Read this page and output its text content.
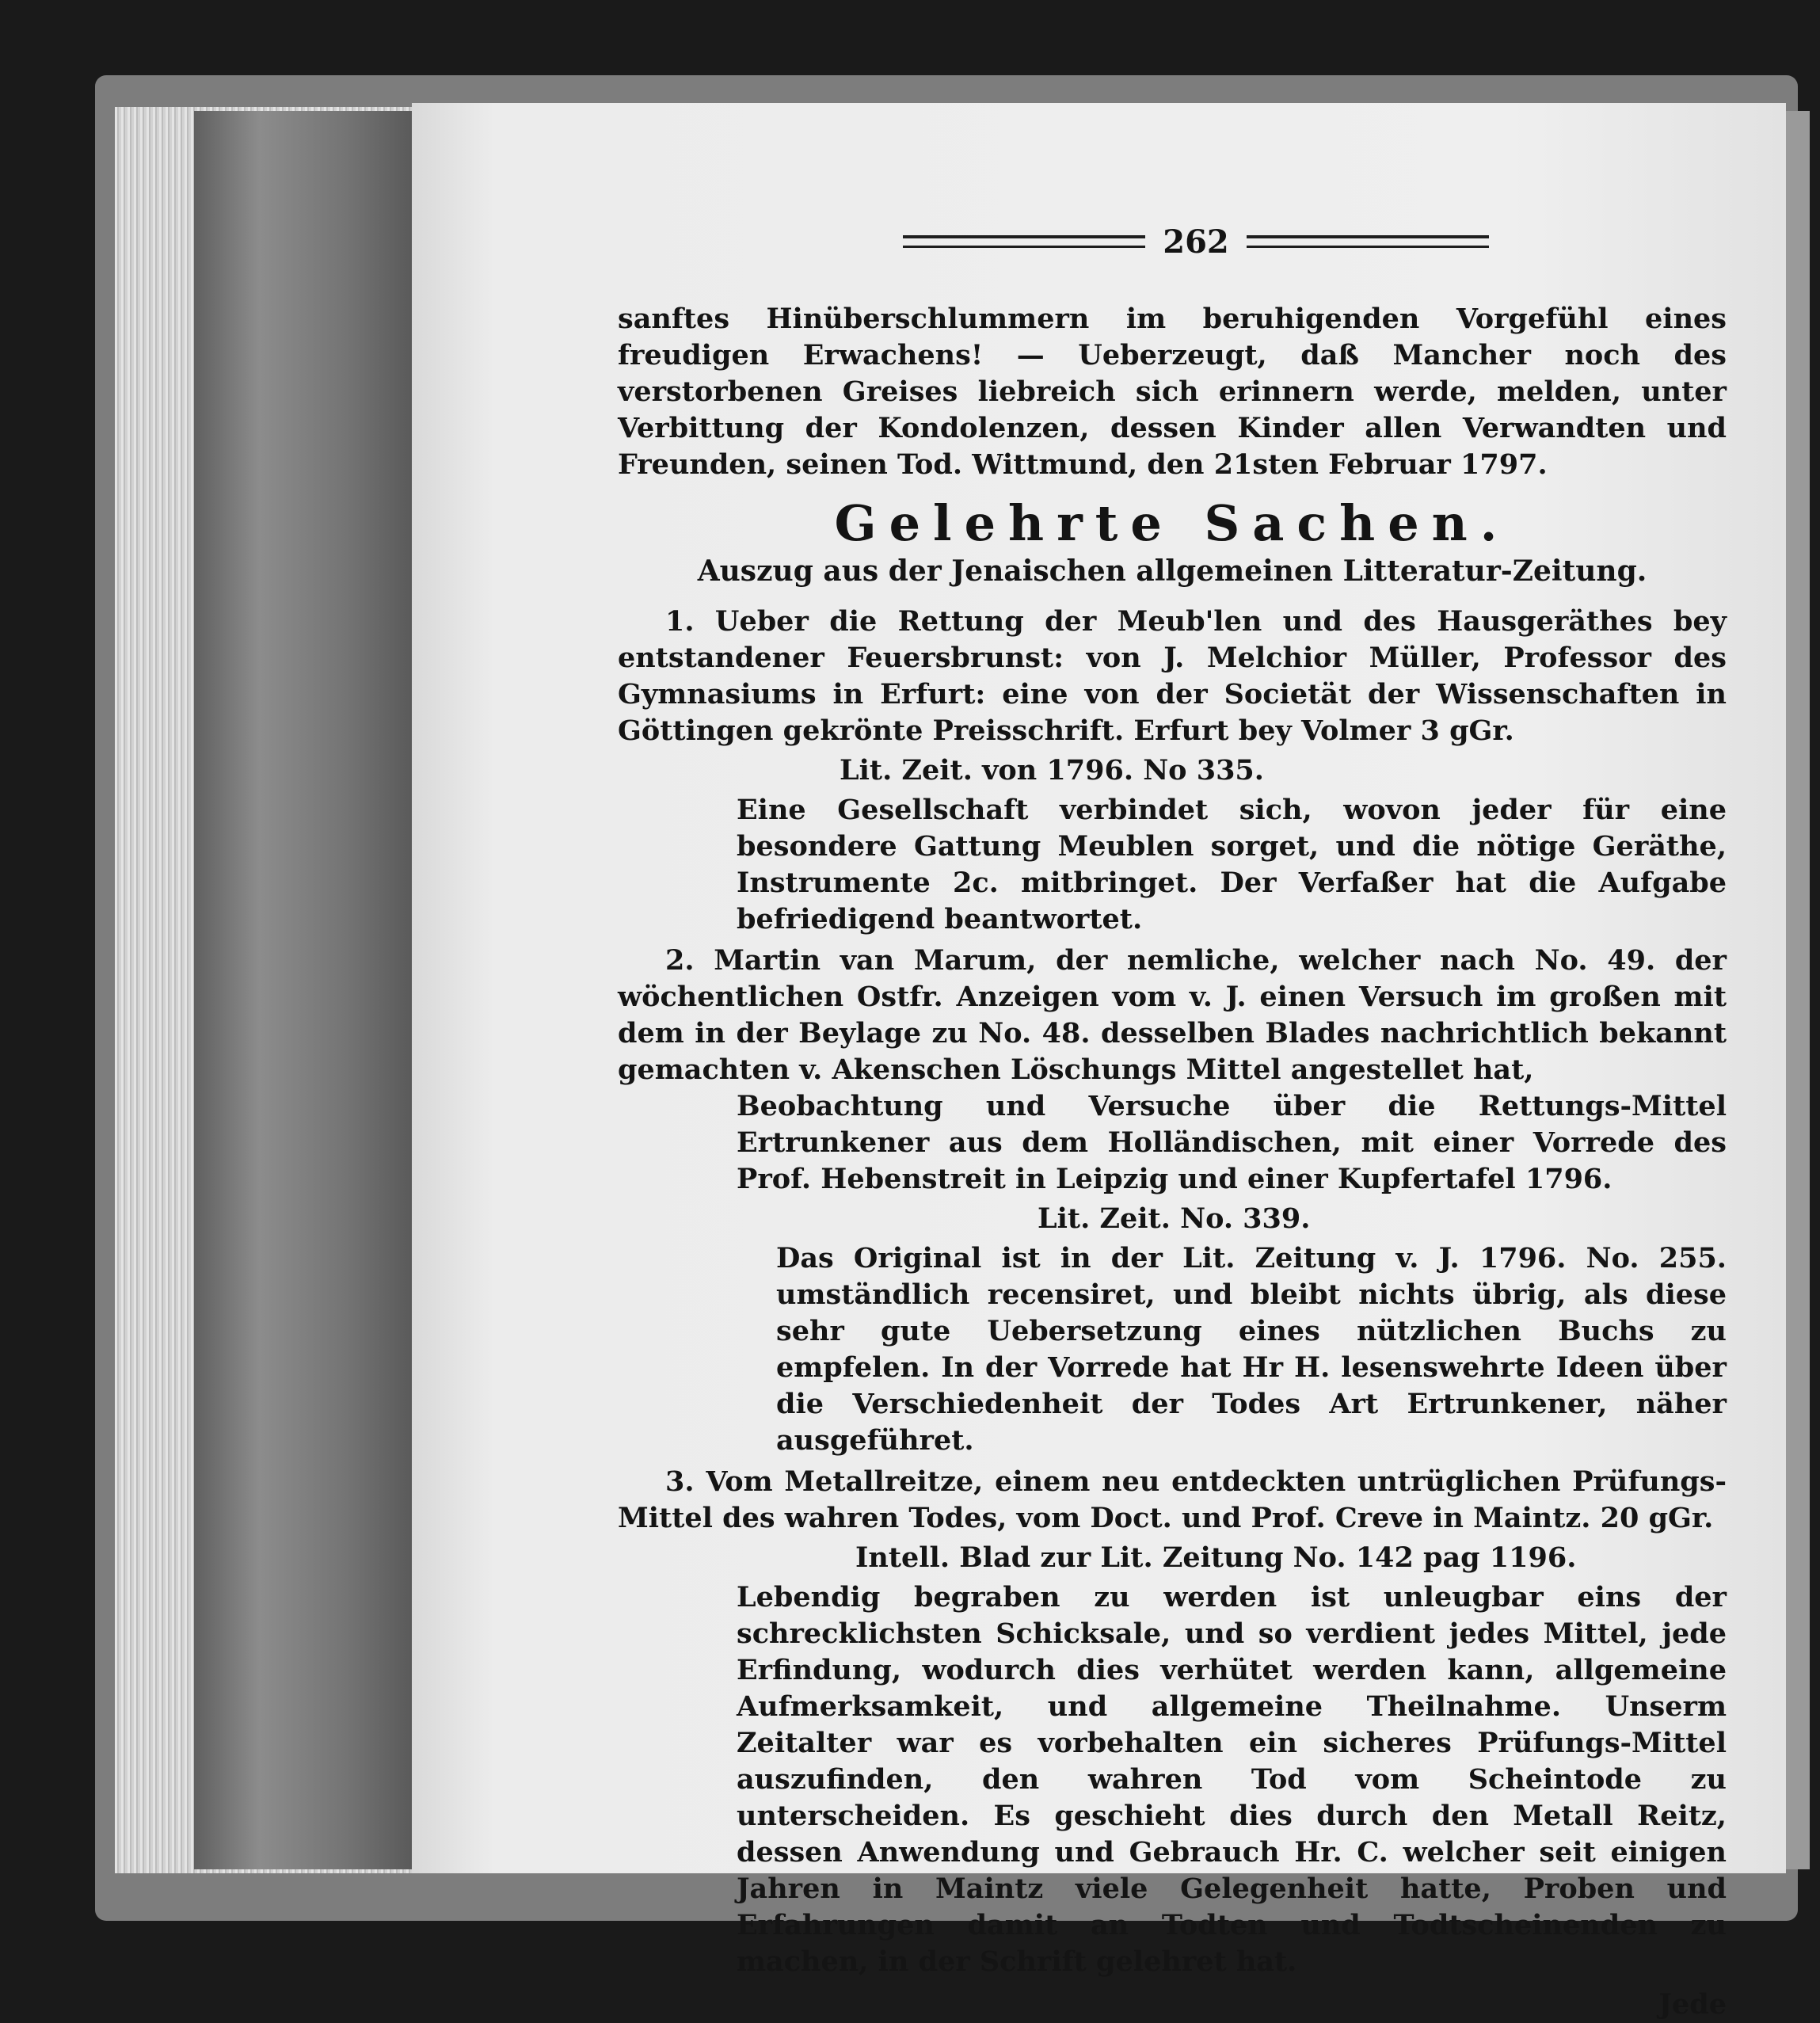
262

sanftes Hinüberschlummern im beruhigenden Vorgefühl eines freudigen Erwachens! — Ueberzeugt, daß Mancher noch des verstorbenen Greises liebreich sich erinnern werde, melden, unter Verbittung der Kondolenzen, dessen Kinder allen Verwandten und Freunden, seinen Tod. Wittmund, den 21sten Februar 1797.

Gelehrte Sachen.
Auszug aus der Jenaischen allgemeinen Litteratur-Zeitung.

1. Ueber die Rettung der Meub'len und des Hausgeräthes bey entstandener Feuersbrunst: von J. Melchior Müller, Professor des Gymnasiums in Erfurt: eine von der Societät der Wissenschaften in Göttingen gekrönte Preisschrift. Erfurt bey Volmer 3 gGr.

Lit. Zeit. von 1796. No 335.

Eine Gesellschaft verbindet sich, wovon jeder für eine besondere Gattung Meublen sorget, und die nötige Geräthe, Instrumente 2c. mitbringet. Der Verfaßer hat die Aufgabe befriedigend beantwortet.

2. Martin van Marum, der nemliche, welcher nach No. 49. der wöchentlichen Ostfr. Anzeigen vom v. J. einen Versuch im großen mit dem in der Beylage zu No. 48. desselben Blades nachrichtlich bekannt gemachten v. Akenschen Löschungs Mittel angestellet hat,

Beobachtung und Versuche über die Rettungs-Mittel Ertrunkener aus dem Holländischen, mit einer Vorrede des Prof. Hebenstreit in Leipzig und einer Kupfertafel 1796.

Lit. Zeit. No. 339.

Das Original ist in der Lit. Zeitung v. J. 1796. No. 255. umständlich recensiret, und bleibt nichts übrig, als diese sehr gute Uebersetzung eines nützlichen Buchs zu empfelen. In der Vorrede hat Hr H. lesenswehrte Ideen über die Verschiedenheit der Todes Art Ertrunkener, näher ausgeführet.

3. Vom Metallreitze, einem neu entdeckten untrüglichen Prüfungs-Mittel des wahren Todes, vom Doct. und Prof. Creve in Maintz. 20 gGr.

Intell. Blad zur Lit. Zeitung No. 142 pag 1196.

Lebendig begraben zu werden ist unleugbar eins der schrecklichsten Schicksale, und so verdient jedes Mittel, jede Erfindung, wodurch dies verhütet werden kann, allgemeine Aufmerksamkeit, und allgemeine Theilnahme. Unserm Zeitalter war es vorbehalten ein sicheres Prüfungs-Mittel auszufinden, den wahren Tod vom Scheintode zu unterscheiden. Es geschieht dies durch den Metall Reitz, dessen Anwendung und Gebrauch Hr. C. welcher seit einigen Jahren in Maintz viele Gelegenheit hatte, Proben und Erfahrungen damit an Todten und Todtscheinenden zu machen, in der Schrift gelehret hat.

Jede
